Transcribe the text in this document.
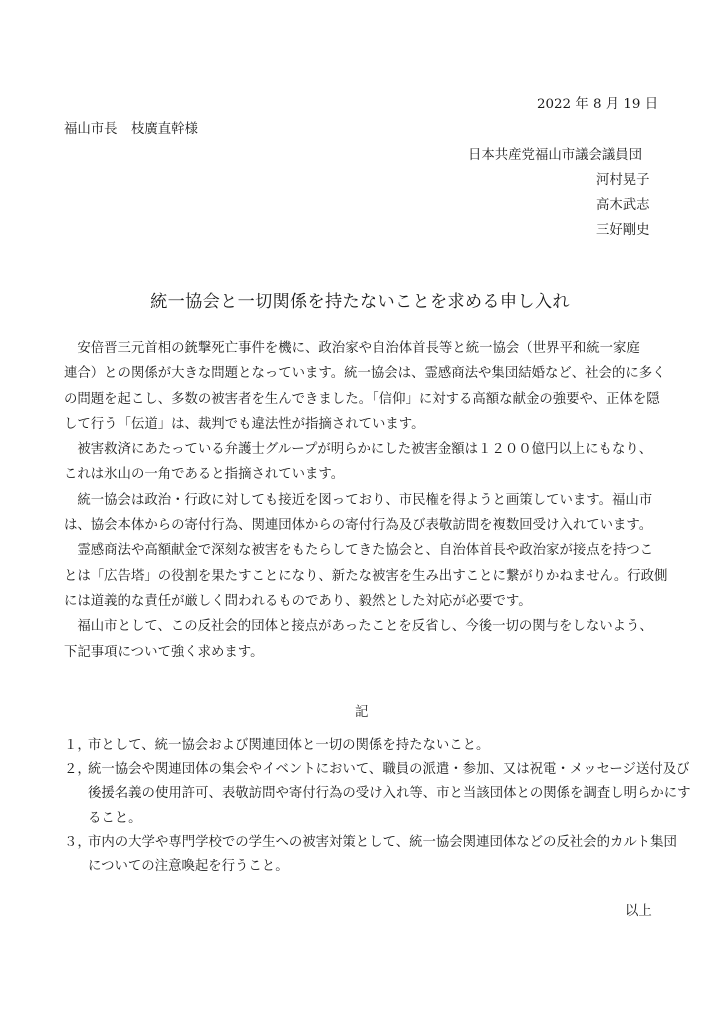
2022 年 8 月 19 日
福山市長　枝廣直幹様
日本共産党福山市議会議員団
河村晃子
高木武志
三好剛史
統一協会と一切関係を持たないことを求める申し入れ
　安倍晋三元首相の銃撃死亡事件を機に、政治家や自治体首長等と統一協会（世界平和統一家庭
連合）との関係が大きな問題となっています。統一協会は、霊感商法や集団結婚など、社会的に多く
の問題を起こし、多数の被害者を生んできました。「信仰」に対する高額な献金の強要や、正体を隠
して行う「伝道」は、裁判でも違法性が指摘されています。
　被害救済にあたっている弁護士グループが明らかにした被害金額は１２００億円以上にもなり、
これは氷山の一角であると指摘されています。
　統一協会は政治・行政に対しても接近を図っており、市民権を得ようと画策しています。福山市
は、協会本体からの寄付行為、関連団体からの寄付行為及び表敬訪問を複数回受け入れています。
　霊感商法や高額献金で深刻な被害をもたらしてきた協会と、自治体首長や政治家が接点を持つこ
とは「広告塔」の役割を果たすことになり、新たな被害を生み出すことに繋がりかねません。行政側
には道義的な責任が厳しく問われるものであり、毅然とした対応が必要です。
　福山市として、この反社会的団体と接点があったことを反省し、今後一切の関与をしないよう、
下記事項について強く求めます。
記
１，
市として、統一協会および関連団体と一切の関係を持たないこと。
２，
統一協会や関連団体の集会やイベントにおいて、職員の派遣・参加、又は祝電・メッセージ送付及び
後援名義の使用許可、表敬訪問や寄付行為の受け入れ等、市と当該団体との関係を調査し明らかにす
ること。
３，
市内の大学や専門学校での学生への被害対策として、統一協会関連団体などの反社会的カルト集団
についての注意喚起を行うこと。
以上
